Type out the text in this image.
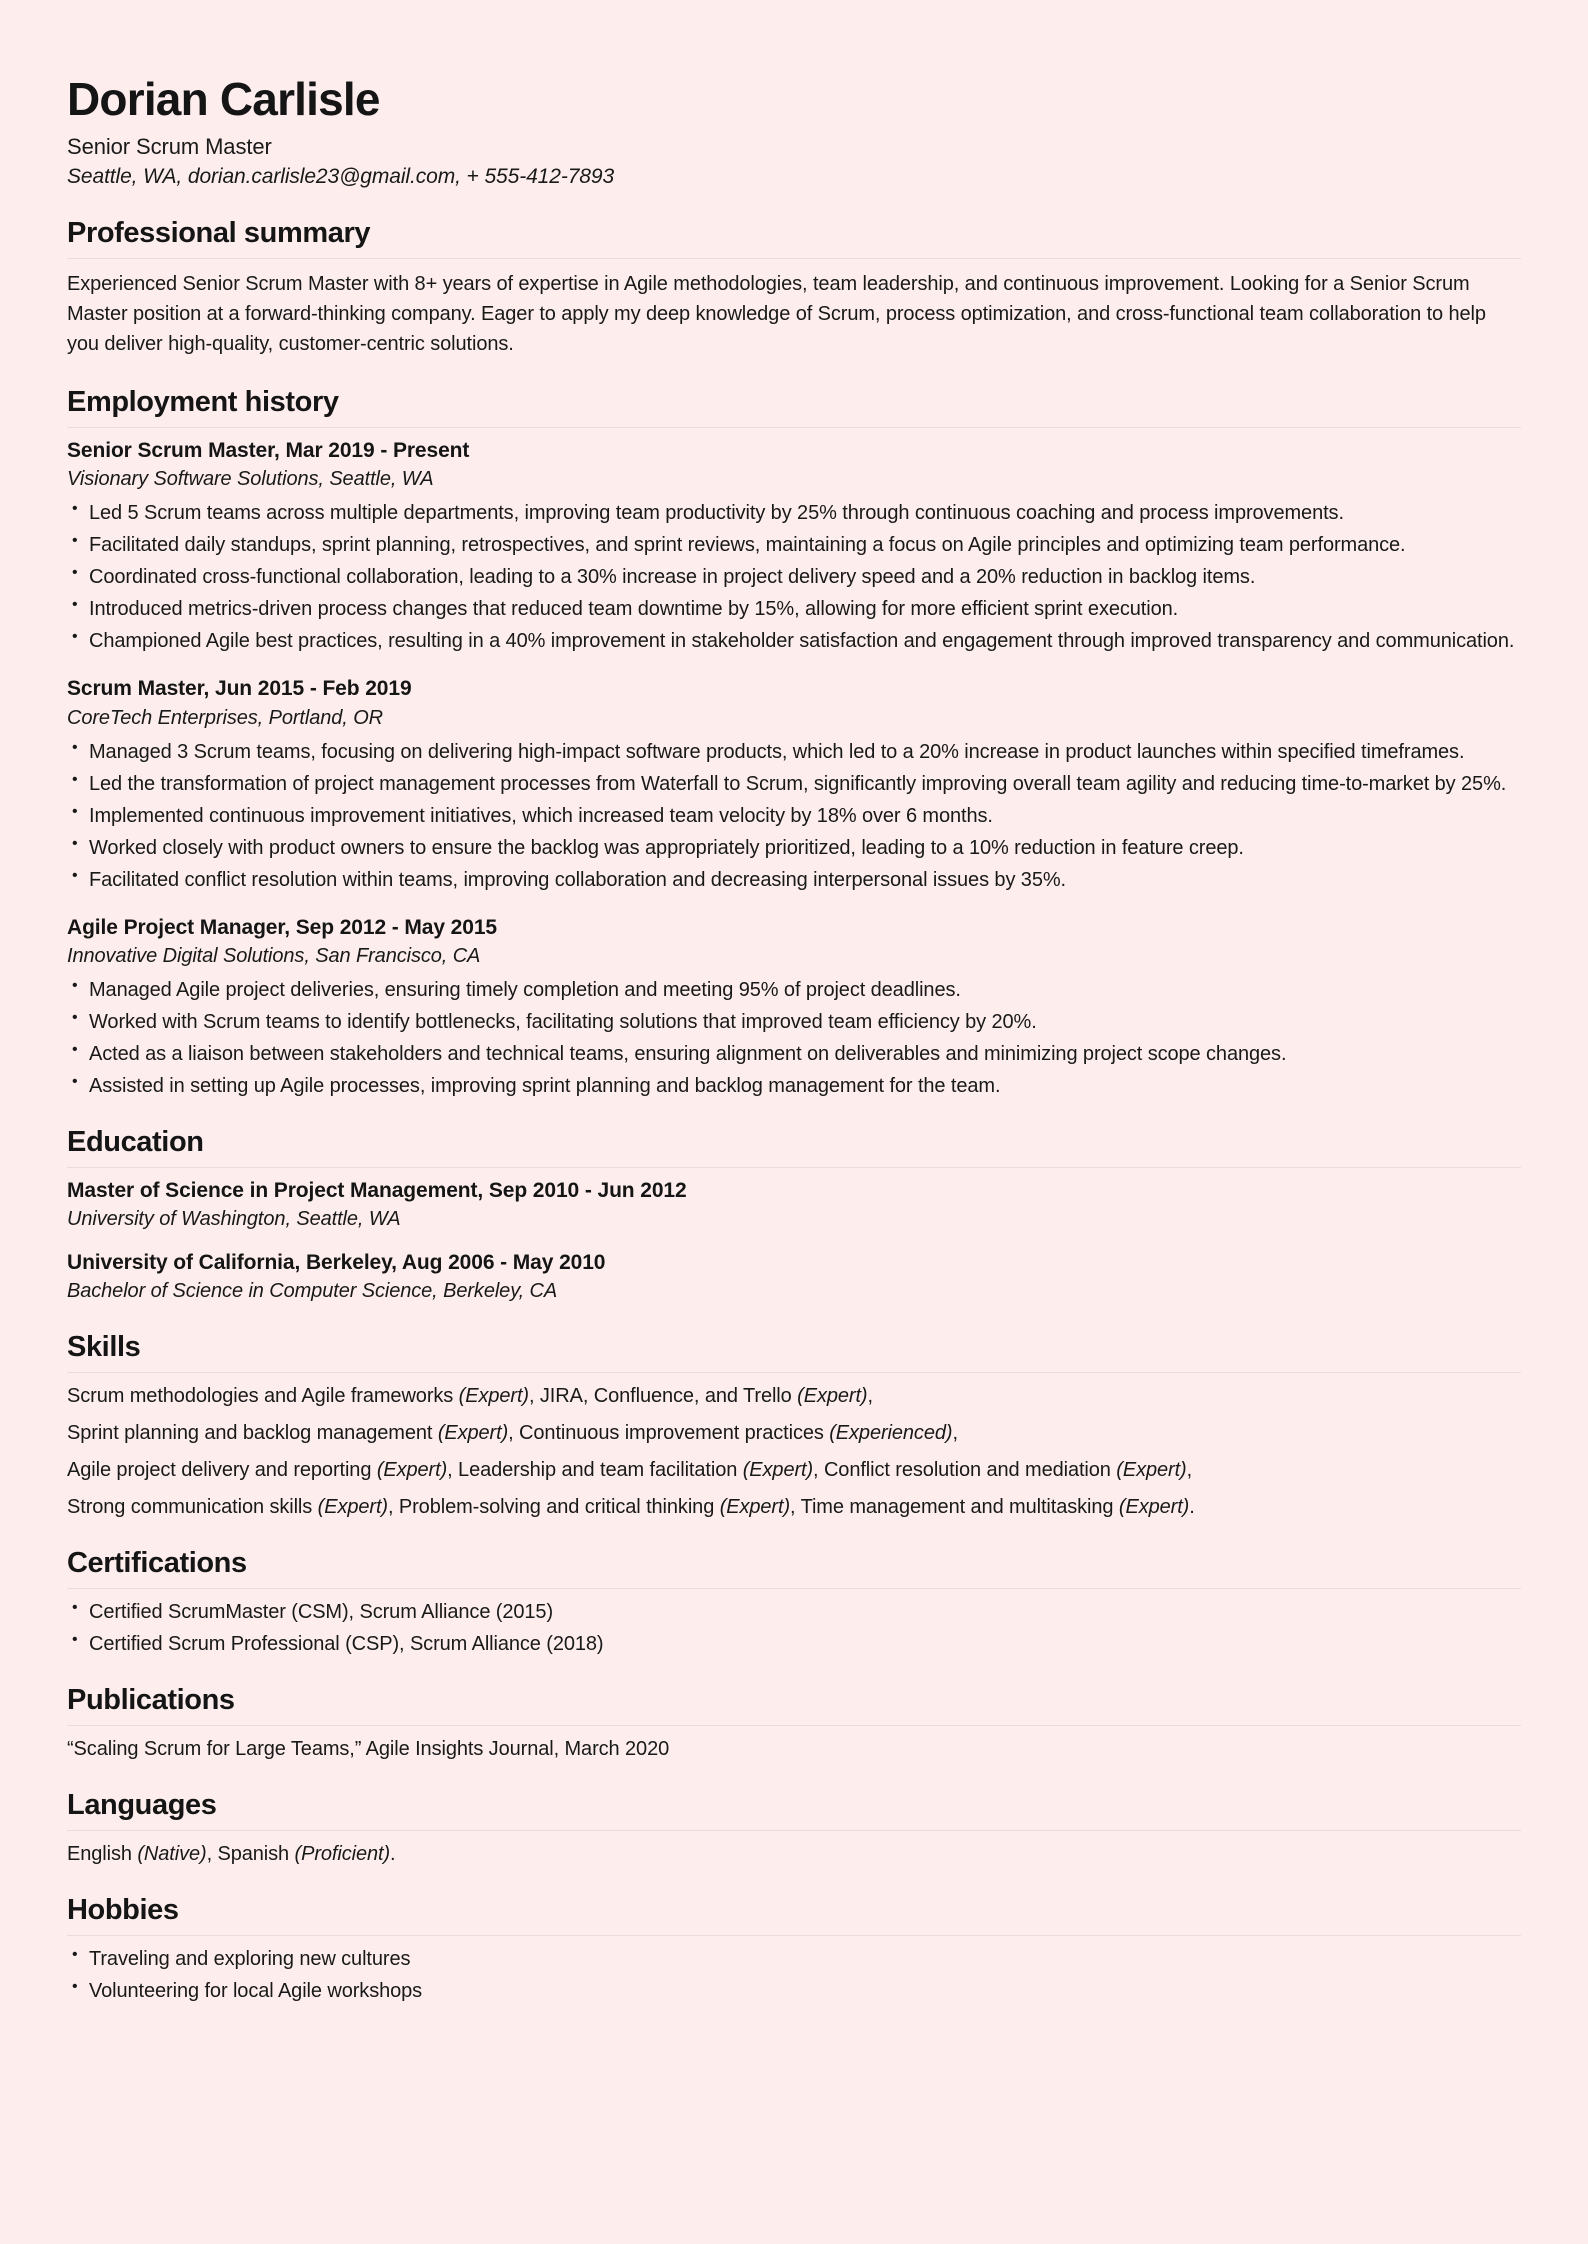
Dorian Carlisle

Senior Scrum Master

Seattle, WA, dorian.carlisle23@gmail.com, + 555-412-7893

Professional summary

Experienced Senior Scrum Master with 8+ years of expertise in Agile methodologies, team leadership, and continuous improvement. Looking for a Senior Scrum Master position at a forward-thinking company. Eager to apply my deep knowledge of Scrum, process optimization, and cross-functional team collaboration to help you deliver high-quality, customer-centric solutions.

Employment history
Senior Scrum Master, Mar 2019 - Present

Visionary Software Solutions, Seattle, WA

• Led 5 Scrum teams across multiple departments, improving team productivity by 25% through continuous coaching and process improvements.
• Facilitated daily standups, sprint planning, retrospectives, and sprint reviews, maintaining a focus on Agile principles and optimizing team performance.
• Coordinated cross-functional collaboration, leading to a 30% increase in project delivery speed and a 20% reduction in backlog items.
• Introduced metrics-driven process changes that reduced team downtime by 15%, allowing for more efficient sprint execution.
• Championed Agile best practices, resulting in a 40% improvement in stakeholder satisfaction and engagement through improved transparency and communication.
Scrum Master, Jun 2015 - Feb 2019

CoreTech Enterprises, Portland, OR

• Managed 3 Scrum teams, focusing on delivering high-impact software products, which led to a 20% increase in product launches within specified timeframes.
• Led the transformation of project management processes from Waterfall to Scrum, significantly improving overall team agility and reducing time-to-market by 25%.
• Implemented continuous improvement initiatives, which increased team velocity by 18% over 6 months.
• Worked closely with product owners to ensure the backlog was appropriately prioritized, leading to a 10% reduction in feature creep.
• Facilitated conflict resolution within teams, improving collaboration and decreasing interpersonal issues by 35%.
Agile Project Manager, Sep 2012 - May 2015

Innovative Digital Solutions, San Francisco, CA

• Managed Agile project deliveries, ensuring timely completion and meeting 95% of project deadlines.
• Worked with Scrum teams to identify bottlenecks, facilitating solutions that improved team efficiency by 20%.
• Acted as a liaison between stakeholders and technical teams, ensuring alignment on deliverables and minimizing project scope changes.
• Assisted in setting up Agile processes, improving sprint planning and backlog management for the team.
Education
Master of Science in Project Management, Sep 2010 - Jun 2012

University of Washington, Seattle, WA

University of California, Berkeley, Aug 2006 - May 2010

Bachelor of Science in Computer Science, Berkeley, CA

Skills

Scrum methodologies and Agile frameworks (Expert), JIRA, Confluence, and Trello (Expert),

Sprint planning and backlog management (Expert), Continuous improvement practices (Experienced),

Agile project delivery and reporting (Expert), Leadership and team facilitation (Expert), Conflict resolution and mediation (Expert),

Strong communication skills (Expert), Problem-solving and critical thinking (Expert), Time management and multitasking (Expert).

Certifications
• Certified ScrumMaster (CSM), Scrum Alliance (2015)
• Certified Scrum Professional (CSP), Scrum Alliance (2018)
Publications

“Scaling Scrum for Large Teams,” Agile Insights Journal, March 2020

Languages

English (Native), Spanish (Proficient).

Hobbies
• Traveling and exploring new cultures
• Volunteering for local Agile workshops
